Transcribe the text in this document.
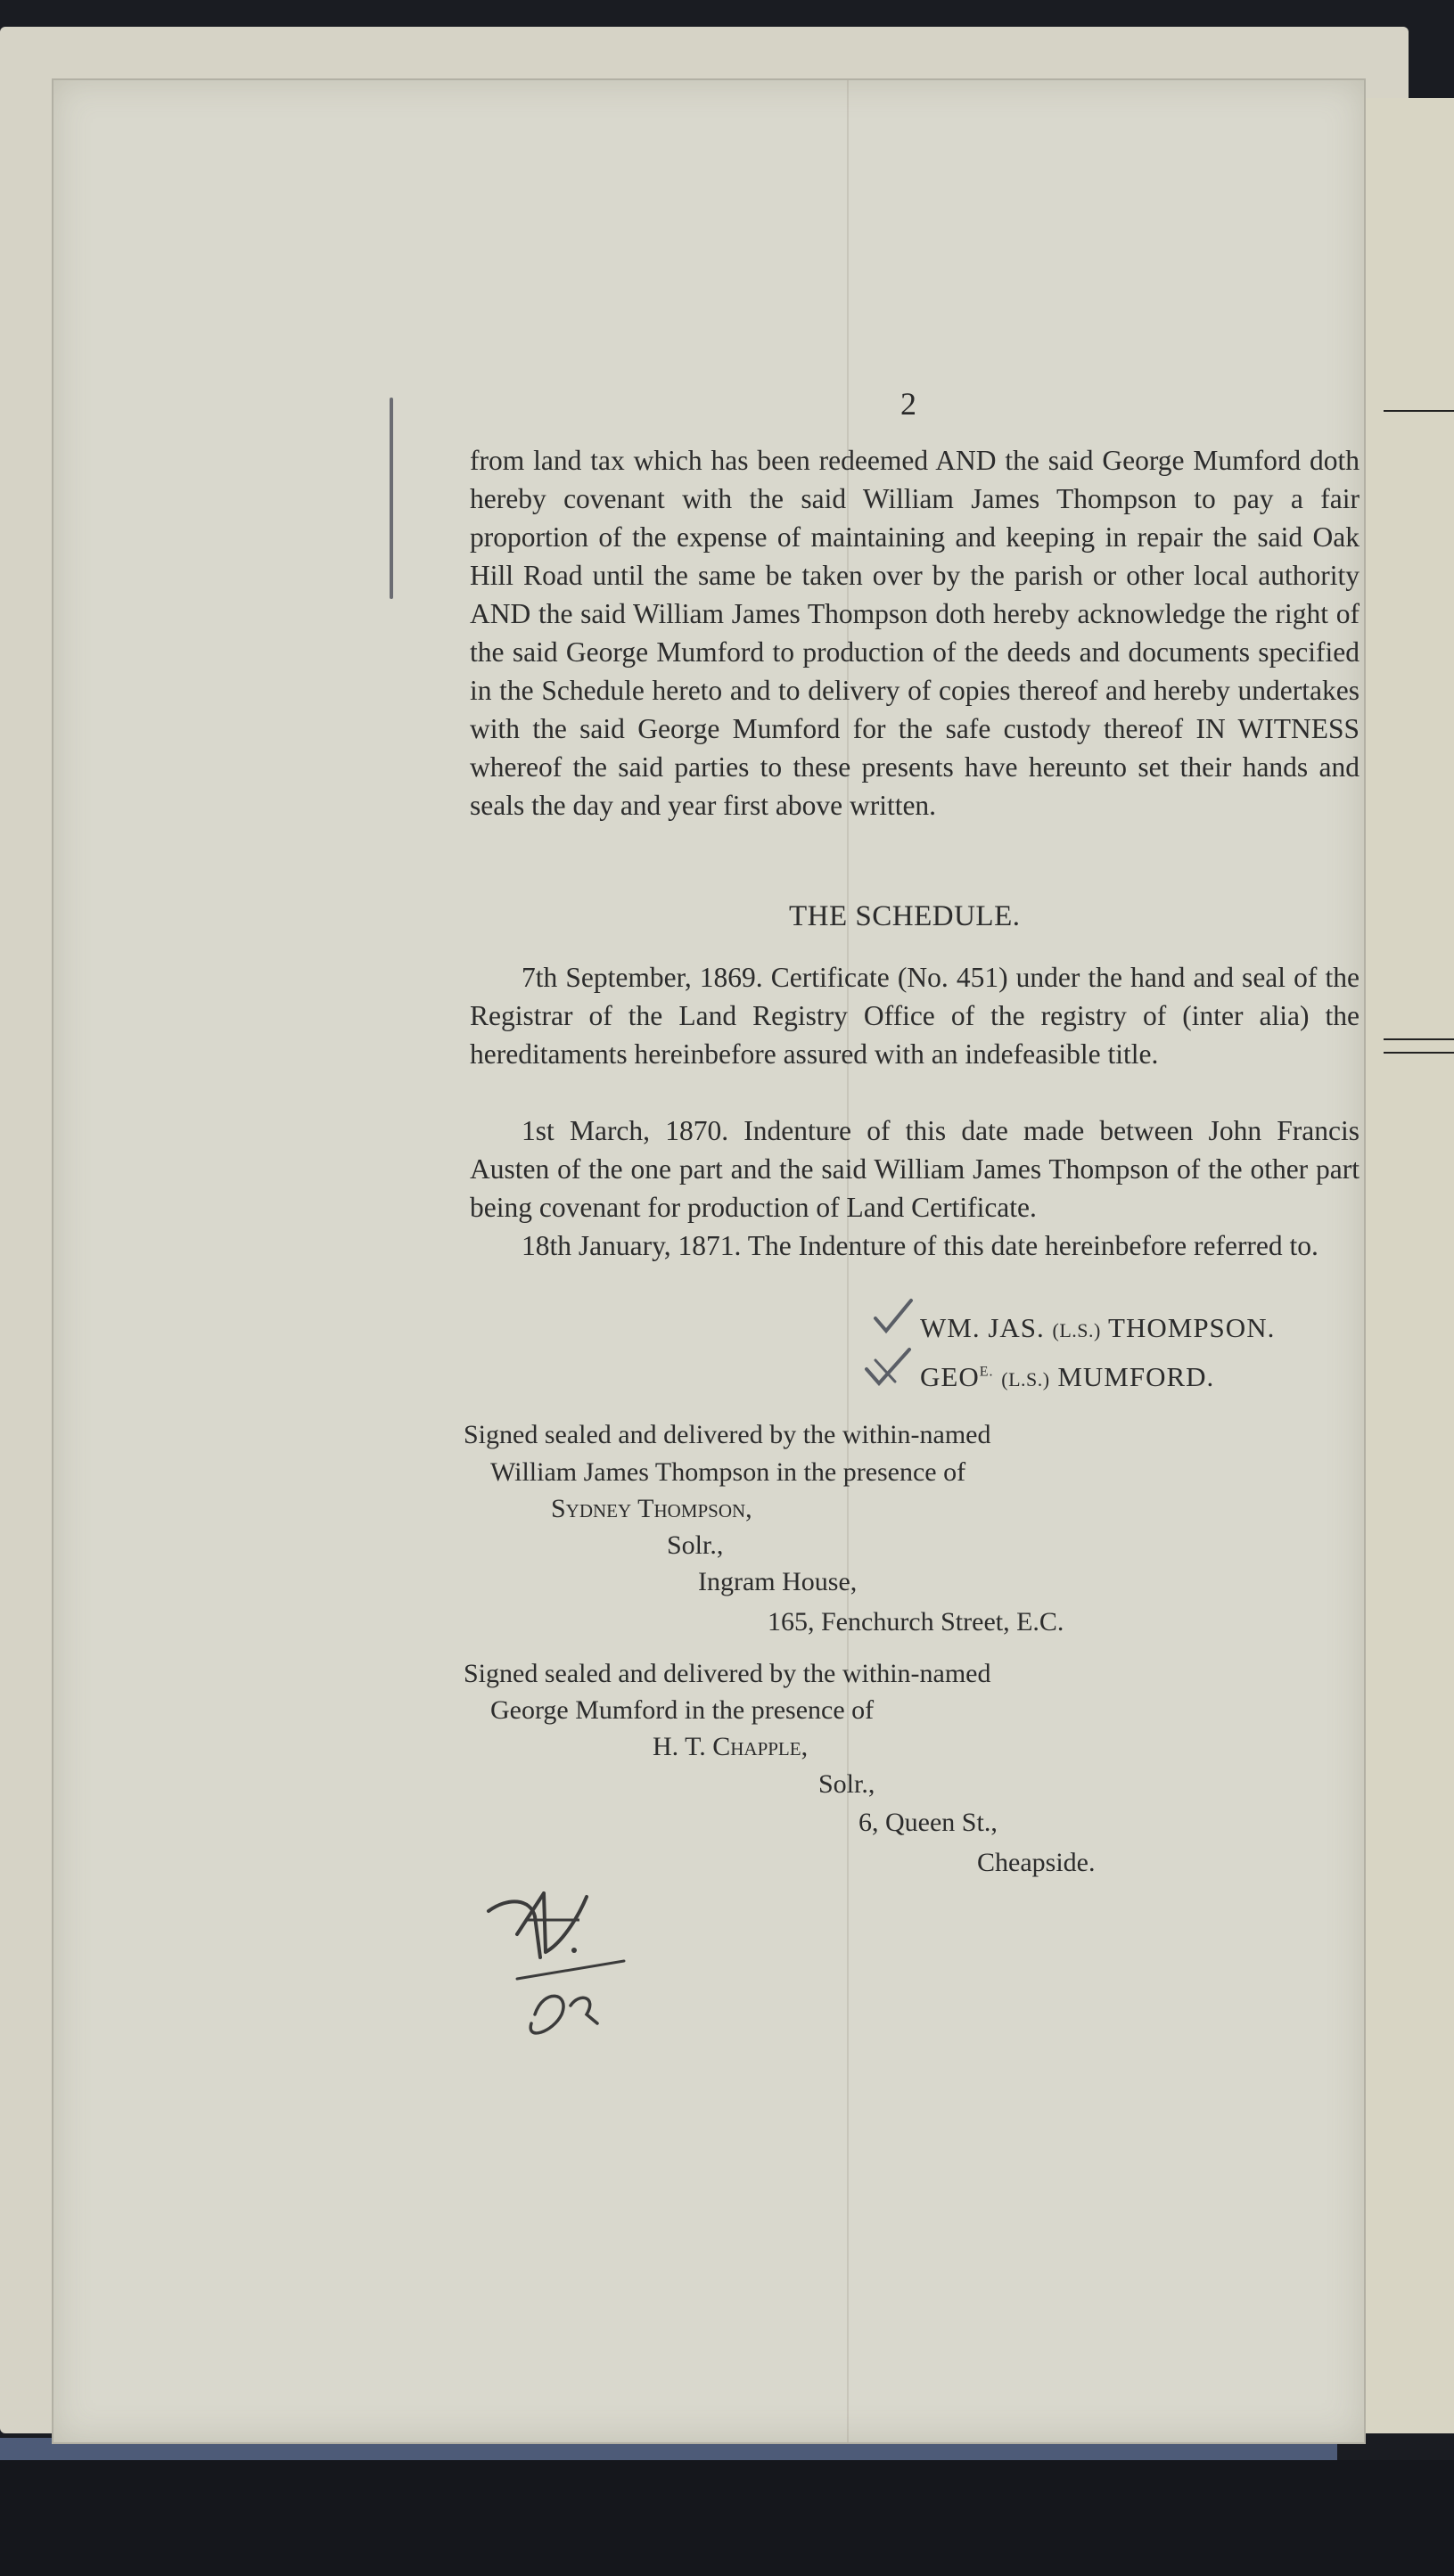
2

from land tax which has been redeemed AND the said George Mumford doth hereby covenant with the said William James Thompson to pay a fair proportion of the expense of maintaining and keeping in repair the said Oak Hill Road until the same be taken over by the parish or other local authority AND the said William James Thompson doth hereby acknowledge the right of the said George Mumford to production of the deeds and documents specified in the Schedule hereto and to delivery of copies thereof and hereby undertakes with the said George Mumford for the safe custody thereof IN WITNESS whereof the said parties to these presents have hereunto set their hands and seals the day and year first above written.

THE SCHEDULE.

7th September, 1869. Certificate (No. 451) under the hand and seal of the Registrar of the Land Registry Office of the registry of (inter alia) the hereditaments hereinbefore assured with an indefeasible title.

1st March, 1870. Indenture of this date made between John Francis Austen of the one part and the said William James Thompson of the other part being covenant for production of Land Certificate.

18th January, 1871. The Indenture of this date hereinbefore referred to.

WM. JAS. (L.S.) THOMPSON.
$GEO^{E.}$ (L.S.) MUMFORD.
Signed sealed and delivered by the within-named
William James Thompson in the presence of
Sydney Thompson,
Solr.,
Ingram House,
165, Fenchurch Street, E.C.
Signed sealed and delivered by the within-named
George Mumford in the presence of
H. T. Chapple,
Solr.,
6, Queen St.,
Cheapside.
